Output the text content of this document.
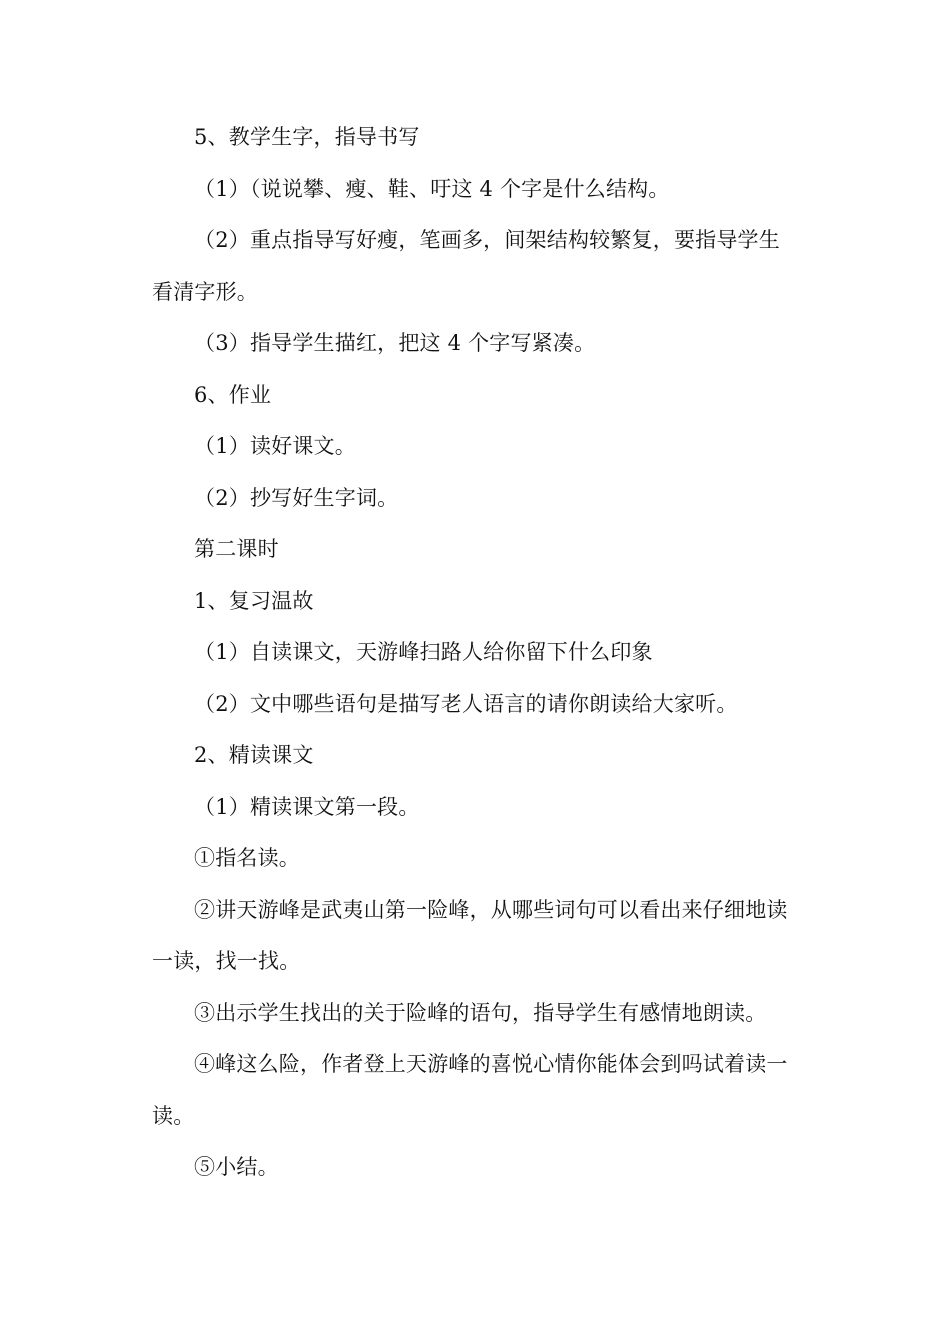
5、教学生字，指导书写

（1）（说说攀、瘦、鞋、吁这 4 个字是什么结构。

（2）重点指导写好瘦，笔画多，间架结构较繁复，要指导学生看清字形。

（3）指导学生描红，把这 4 个字写紧凑。

6、作业

（1）读好课文。

（2）抄写好生字词。

第二课时

1、复习温故

（1）自读课文，天游峰扫路人给你留下什么印象

（2）文中哪些语句是描写老人语言的请你朗读给大家听。

2、精读课文

（1）精读课文第一段。

①指名读。

②讲天游峰是武夷山第一险峰，从哪些词句可以看出来仔细地读一读，找一找。

③出示学生找出的关于险峰的语句，指导学生有感情地朗读。

④峰这么险，作者登上天游峰的喜悦心情你能体会到吗试着读一读。

⑤小结。
